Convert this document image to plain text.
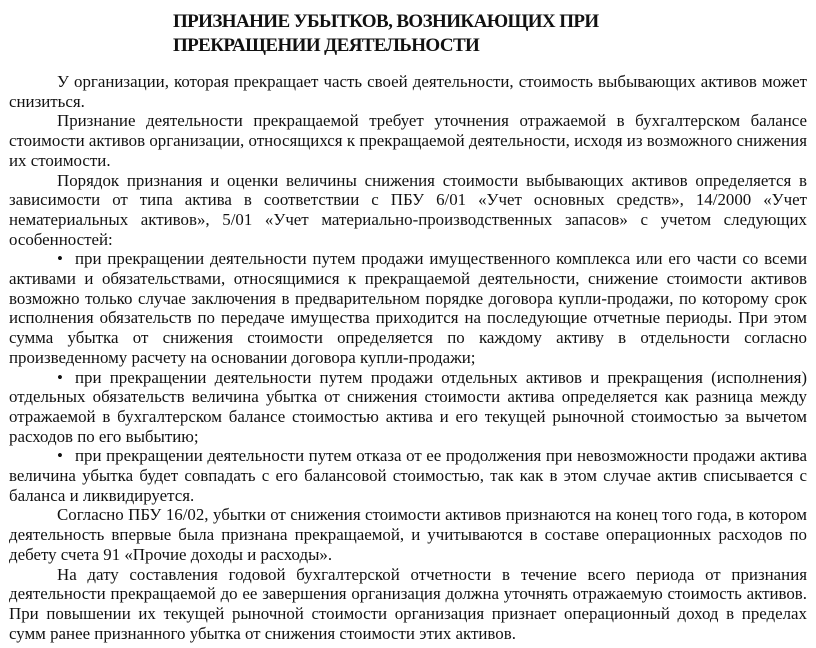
ПРИЗНАНИЕ УБЫТКОВ, ВОЗНИКАЮЩИХ ПРИ
ПРЕКРАЩЕНИИ ДЕЯТЕЛЬНОСТИ

У организации, которая прекращает часть своей деятельности, стоимость выбывающих активов может снизиться.

Признание деятельности прекращаемой требует уточнения отражаемой в бухгалтерском балансе стоимости активов организации, относящихся к прекращаемой деятельности, исходя из возможного снижения их стоимости.

Порядок признания и оценки величины снижения стоимости выбывающих активов определяется в зависимости от типа актива в соответствии с ПБУ 6/01 «Учет основных средств», 14/2000 «Учет нематериальных активов», 5/01 «Учет материально-производственных запасов» с учетом следующих особенностей:

• при прекращении деятельности путем продажи имущественного комплекса или его части со всеми активами и обязательствами, относящимися к прекращаемой деятельности, снижение стоимости активов возможно только случае заключения в предварительном порядке договора купли-продажи, по которому срок исполнения обязательств по передаче имущества приходится на последующие отчетные периоды. При этом сумма убытка от снижения стоимости определяется по каждому активу в отдельности согласно произведенному расчету на основании договора купли-продажи;

• при прекращении деятельности путем продажи отдельных активов и прекращения (исполнения) отдельных обязательств величина убытка от снижения стоимости актива определяется как разница между отражаемой в бухгалтерском балансе стоимостью актива и его текущей рыночной стоимостью за вычетом расходов по его выбытию;

• при прекращении деятельности путем отказа от ее продолжения при невозможности продажи актива величина убытка будет совпадать с его балансовой стоимостью, так как в этом случае актив списывается с баланса и ликвидируется.

Согласно ПБУ 16/02, убытки от снижения стоимости активов признаются на конец того года, в котором деятельность впервые была признана прекращаемой, и учитываются в составе операционных расходов по дебету счета 91 «Прочие доходы и расходы».

На дату составления годовой бухгалтерской отчетности в течение всего периода от признания деятельности прекращаемой до ее завершения организация должна уточнять отражаемую стоимость активов. При повышении их текущей рыночной стоимости организация признает операционный доход в пределах сумм ранее признанного убытка от снижения стоимости этих активов.
